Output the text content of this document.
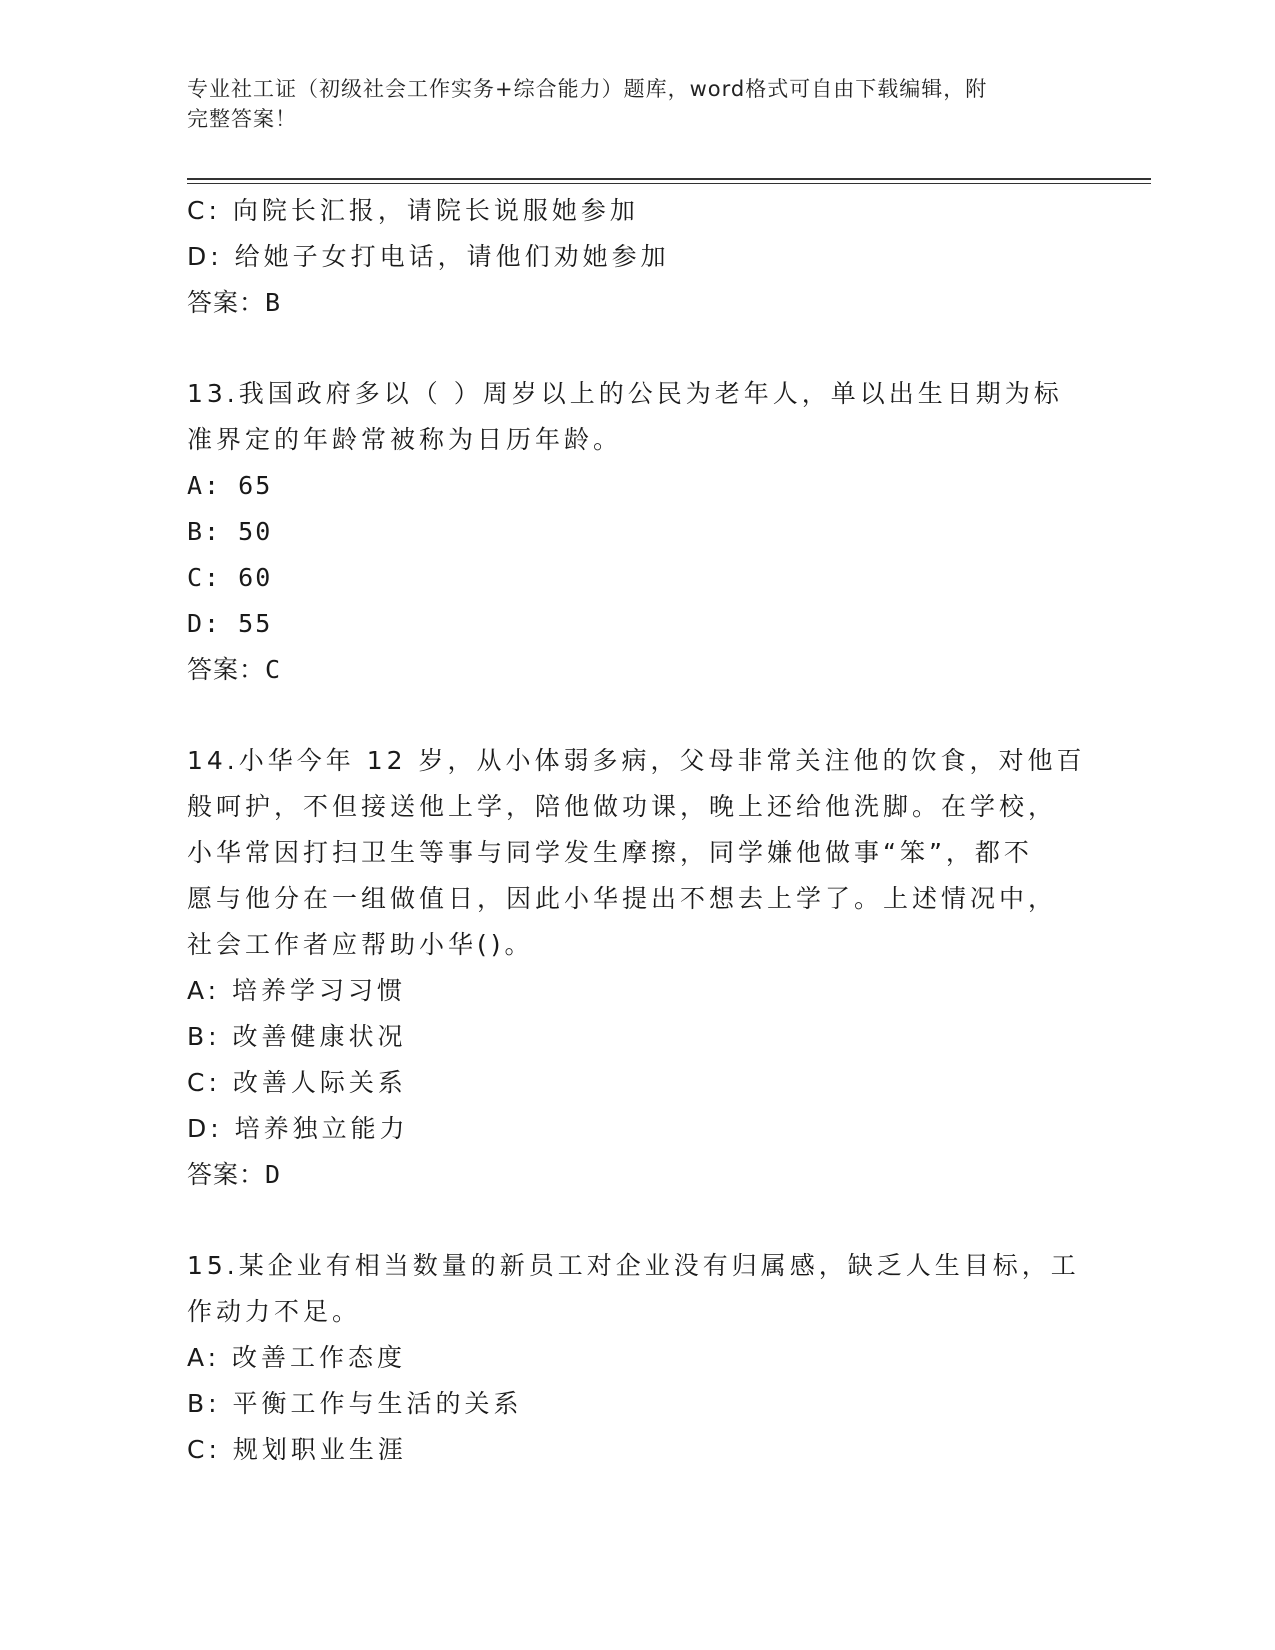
专业社工证（初级社会工作实务+综合能力）题库，word格式可自由下载编辑，附
完整答案！
C: 向院长汇报，请院长说服她参加
D: 给她子女打电话，请他们劝她参加
答案：B
13.我国政府多以（ ）周岁以上的公民为老年人，单以出生日期为标
准界定的年龄常被称为日历年龄。
A: 65
B: 50
C: 60
D: 55
答案：C
14.小华今年 12 岁，从小体弱多病，父母非常关注他的饮食，对他百
般呵护，不但接送他上学，陪他做功课，晚上还给他洗脚。在学校，
小华常因打扫卫生等事与同学发生摩擦，同学嫌他做事“笨”，都不
愿与他分在一组做值日，因此小华提出不想去上学了。上述情况中，
社会工作者应帮助小华()。
A: 培养学习习惯
B: 改善健康状况
C: 改善人际关系
D: 培养独立能力
答案：D
15.某企业有相当数量的新员工对企业没有归属感，缺乏人生目标，工
作动力不足。
A: 改善工作态度
B: 平衡工作与生活的关系
C: 规划职业生涯
